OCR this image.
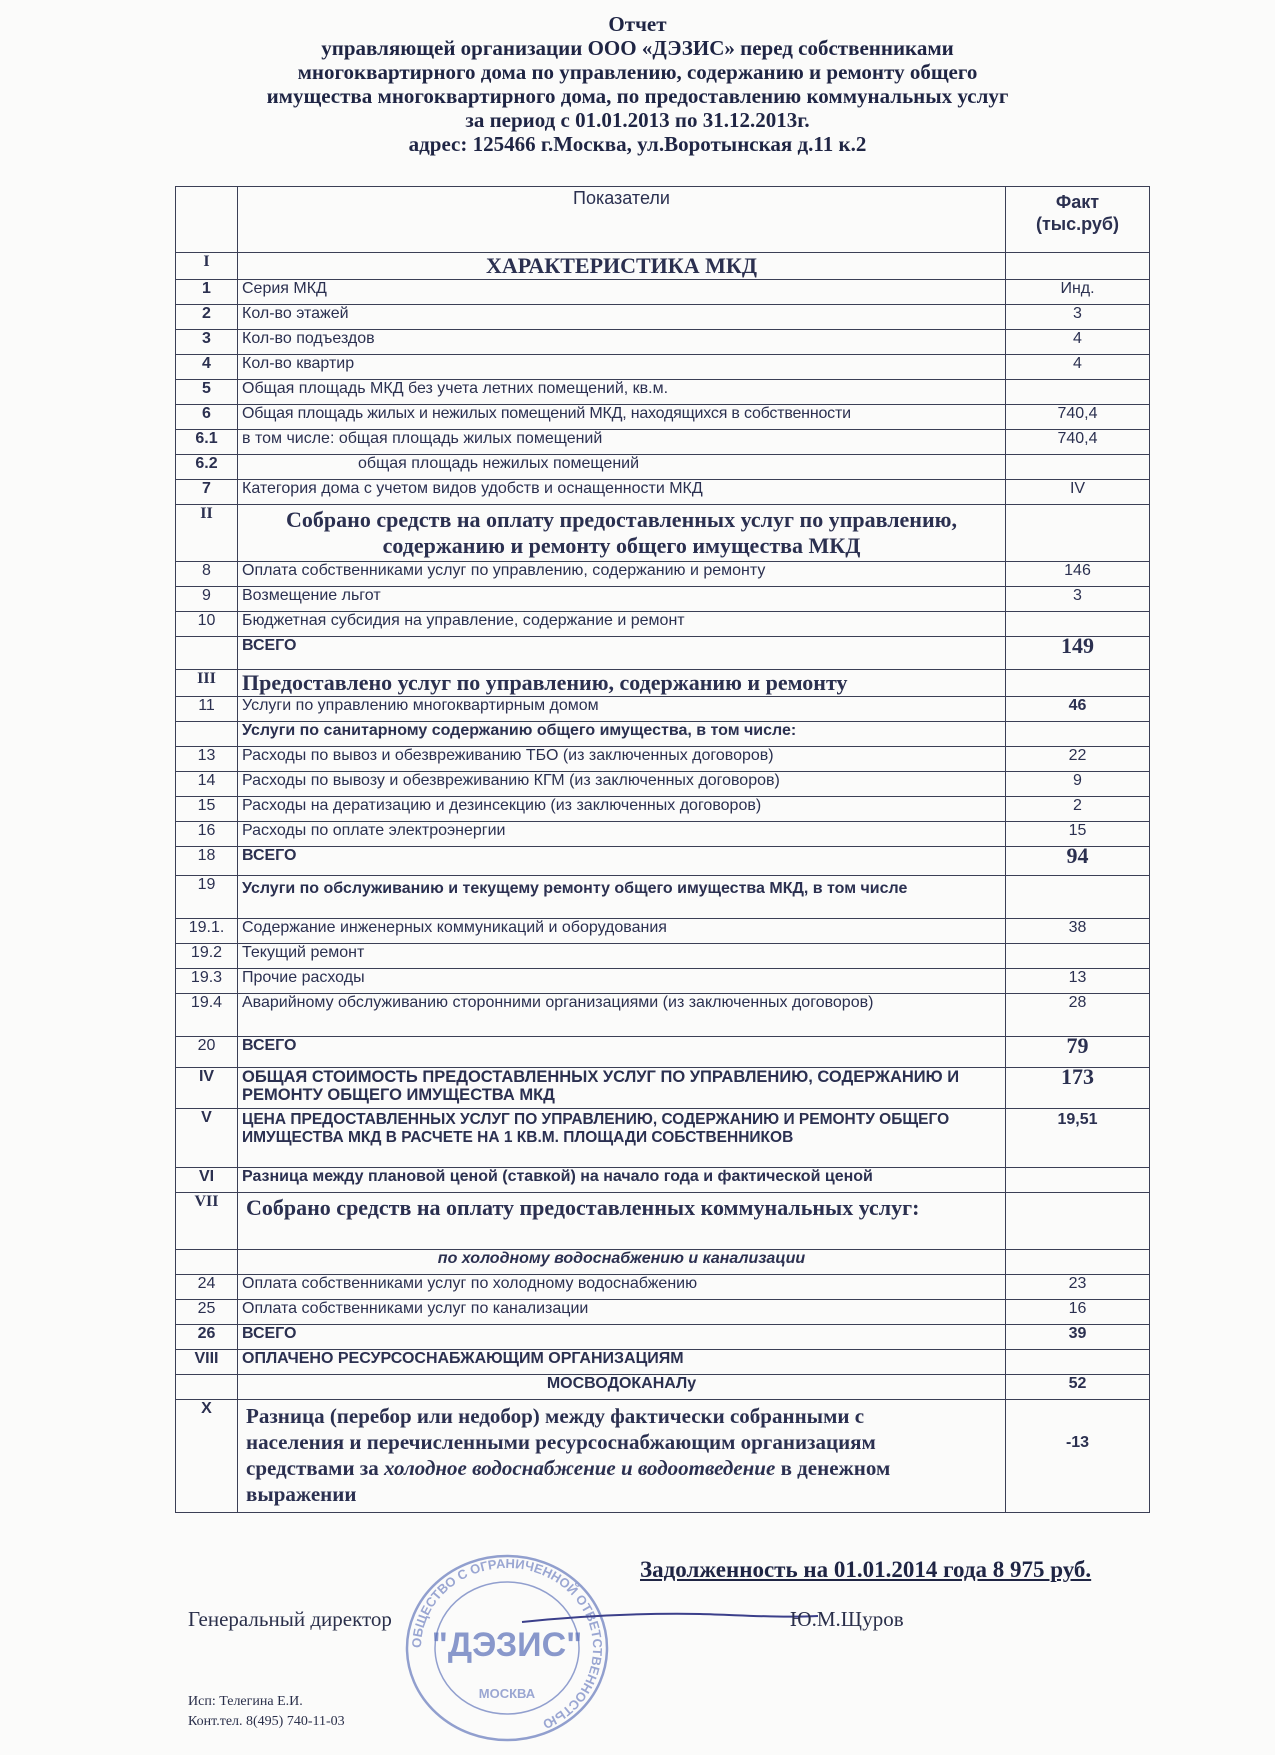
Отчет
управляющей организации ООО «ДЭЗИС» перед собственниками
многоквартирного дома по управлению, содержанию и ремонту общего
имущества многоквартирного дома, по предоставлению коммунальных услуг
за период с 01.01.2013 по 31.12.2013г.
адрес: 125466 г.Москва, ул.Воротынская д.11 к.2
	Показатели	Факт
(тыс.руб)
I	ХАРАКТЕРИСТИКА МКД	
1	Серия МКД	Инд.
2	Кол-во этажей	3
3	Кол-во подъездов	4
4	Кол-во квартир	4
5	Общая площадь МКД без учета летних помещений, кв.м.	
6	Общая площадь жилых и нежилых помещений МКД, находящихся в собственности	740,4
6.1	в том числе: общая площадь жилых помещений	740,4
6.2	общая площадь нежилых помещений	
7	Категория дома с учетом видов удобств и оснащенности МКД	IV
II	Собрано средств на оплату предоставленных услуг по управлению, содержанию и ремонту общего имущества МКД	
8	Оплата собственниками услуг по управлению, содержанию и ремонту	146
9	Возмещение льгот	3
10	Бюджетная субсидия на управление, содержание и ремонт	
	ВСЕГО	149
III	Предоставлено услуг по управлению, содержанию и ремонту	
11	Услуги по управлению многоквартирным домом	46
	Услуги по санитарному содержанию общего имущества, в том числе:	
13	Расходы по вывоз и обезвреживанию ТБО (из заключенных договоров)	22
14	Расходы по вывозу и обезвреживанию КГМ (из заключенных договоров)	9
15	Расходы на дератизацию и дезинсекцию (из заключенных договоров)	2
16	Расходы по оплате электроэнергии	15
18	ВСЕГО	94
19	Услуги по обслуживанию и текущему ремонту общего имущества МКД, в том числе	
19.1.	Содержание инженерных коммуникаций и оборудования	38
19.2	Текущий ремонт	
19.3	Прочие расходы	13
19.4	Аварийному обслуживанию сторонними организациями (из заключенных договоров)	28
20	ВСЕГО	79
IV	ОБЩАЯ СТОИМОСТЬ ПРЕДОСТАВЛЕННЫХ УСЛУГ ПО УПРАВЛЕНИЮ, СОДЕРЖАНИЮ И РЕМОНТУ ОБЩЕГО ИМУЩЕСТВА МКД	173
V	ЦЕНА ПРЕДОСТАВЛЕННЫХ УСЛУГ ПО УПРАВЛЕНИЮ, СОДЕРЖАНИЮ И РЕМОНТУ ОБЩЕГО ИМУЩЕСТВА МКД В РАСЧЕТЕ НА 1 КВ.М. ПЛОЩАДИ СОБСТВЕННИКОВ	19,51
VI	Разница между плановой ценой (ставкой) на начало года и фактической ценой	
VII	Собрано средств на оплату предоставленных коммунальных услуг:	
	по холодному водоснабжению и канализации	
24	Оплата собственниками услуг по холодному водоснабжению	23
25	Оплата собственниками услуг по канализации	16
26	ВСЕГО	39
VIII	ОПЛАЧЕНО РЕСУРСОСНАБЖАЮЩИМ ОРГАНИЗАЦИЯМ	
	МОСВОДОКАНАЛу	52
X	Разница (перебор или недобор) между фактически собранными с населения и перечисленными ресурсоснабжающим организациям средствами за холодное водоснабжение и водоотведение в денежном выражении	-13
Задолженность на 01.01.2014 года 8 975 руб.
ОБЩЕСТВО С ОГРАНИЧЕННОЙ ОТВЕТСТВЕННОСТЬЮ
"ДЭЗИС"
МОСКВА
Генеральный директор	Ю.М.Щуров
Исп: Телегина Е.И.
Конт.тел. 8(495) 740-11-03
